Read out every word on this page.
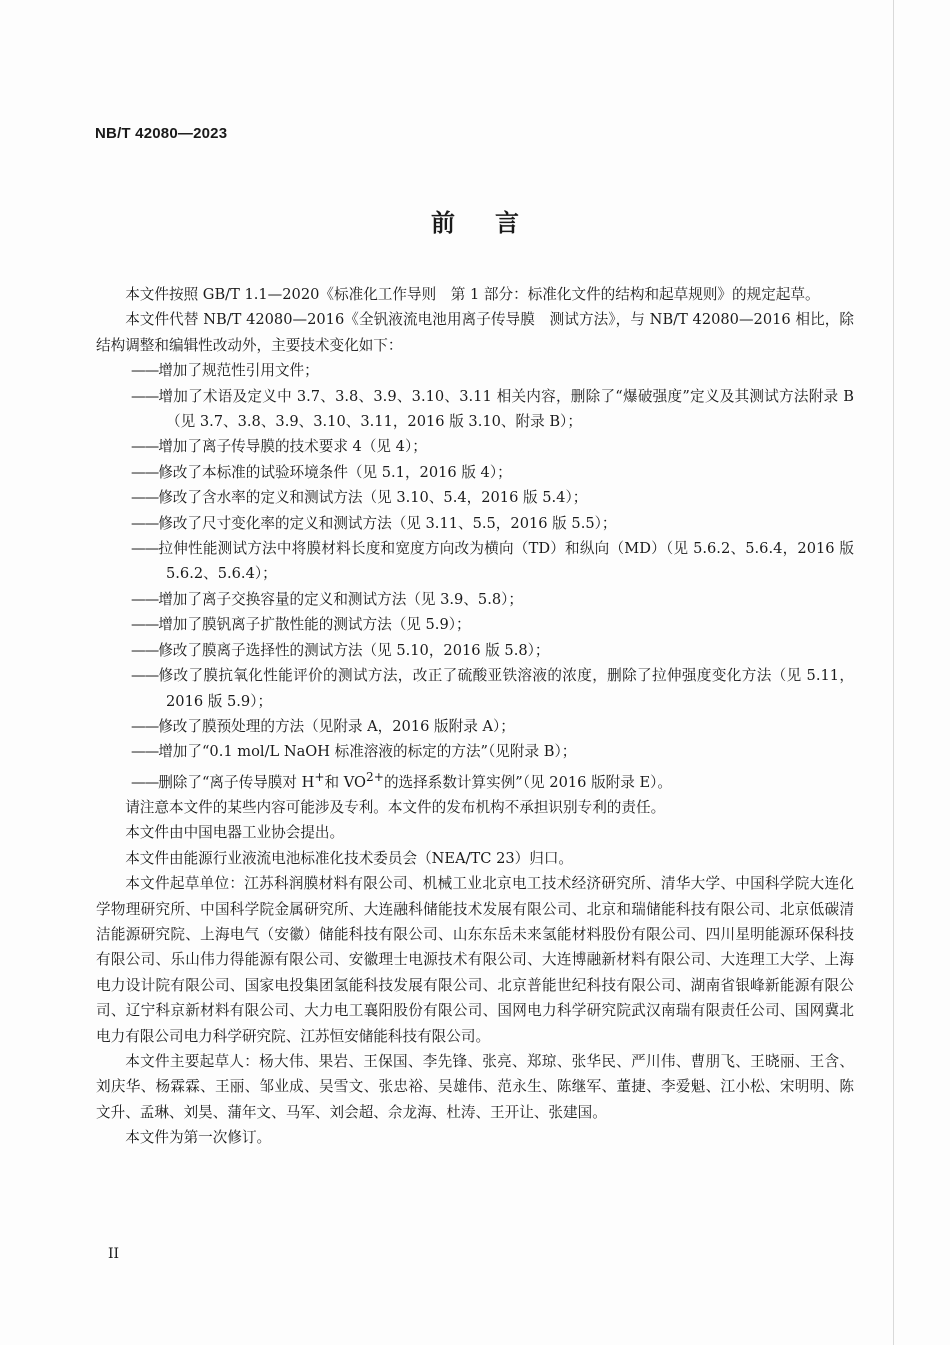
NB/T 42080—2023
前言

本文件按照 GB/T 1.1—2020《标准化工作导则　第 1 部分：标准化文件的结构和起草规则》的规定起草。

本文件代替 NB/T 42080—2016《全钒液流电池用离子传导膜　测试方法》，与 NB/T 42080—2016 相比，除结构调整和编辑性改动外，主要技术变化如下：

—— 增加了规范性引用文件；

—— 增加了术语及定义中 3.7、3.8、3.9、3.10、3.11 相关内容，删除了“爆破强度”定义及其测试方法附录 B（见 3.7、3.8、3.9、3.10、3.11，2016 版 3.10、附录 B）；

—— 增加了离子传导膜的技术要求 4（见 4）；

—— 修改了本标准的试验环境条件（见 5.1，2016 版 4）；

—— 修改了含水率的定义和测试方法（见 3.10、5.4，2016 版 5.4）；

—— 修改了尺寸变化率的定义和测试方法（见 3.11、5.5，2016 版 5.5）；

—— 拉伸性能测试方法中将膜材料长度和宽度方向改为横向（TD）和纵向（MD）（见 5.6.2、5.6.4，2016 版 5.6.2、5.6.4）；

—— 增加了离子交换容量的定义和测试方法（见 3.9、5.8）；

—— 增加了膜钒离子扩散性能的测试方法（见 5.9）；

—— 修改了膜离子选择性的测试方法（见 5.10，2016 版 5.8）；

—— 修改了膜抗氧化性能评价的测试方法，改正了硫酸亚铁溶液的浓度，删除了拉伸强度变化方法（见 5.11，2016 版 5.9）；

—— 修改了膜预处理的方法（见附录 A，2016 版附录 A）；

—— 增加了“0.1 mol/L NaOH 标准溶液的标定的方法”（见附录 B）；

—— 删除了“离子传导膜对 H+和 $VO^{2+}$的选择系数计算实例”（见 2016 版附录 E）。

请注意本文件的某些内容可能涉及专利。本文件的发布机构不承担识别专利的责任。

本文件由中国电器工业协会提出。

本文件由能源行业液流电池标准化技术委员会（NEA/TC 23）归口。

本文件起草单位：江苏科润膜材料有限公司、机械工业北京电工技术经济研究所、清华大学、中国科学院大连化学物理研究所、中国科学院金属研究所、大连融科储能技术发展有限公司、北京和瑞储能科技有限公司、北京低碳清洁能源研究院、上海电气（安徽）储能科技有限公司、山东东岳未来氢能材料股份有限公司、四川星明能源环保科技有限公司、乐山伟力得能源有限公司、安徽理士电源技术有限公司、大连博融新材料有限公司、大连理工大学、上海电力设计院有限公司、国家电投集团氢能科技发展有限公司、北京普能世纪科技有限公司、湖南省银峰新能源有限公司、辽宁科京新材料有限公司、大力电工襄阳股份有限公司、国网电力科学研究院武汉南瑞有限责任公司、国网冀北电力有限公司电力科学研究院、江苏恒安储能科技有限公司。

本文件主要起草人：杨大伟、果岩、王保国、李先锋、张亮、郑琼、张华民、严川伟、曹朋飞、王晓丽、王含、刘庆华、杨霖霖、王丽、邹业成、吴雪文、张忠裕、吴雄伟、范永生、陈继军、董捷、李爱魁、江小松、宋明明、陈文升、孟琳、刘昊、蒲年文、马军、刘会超、佘龙海、杜涛、王开让、张建国。

本文件为第一次修订。

II
